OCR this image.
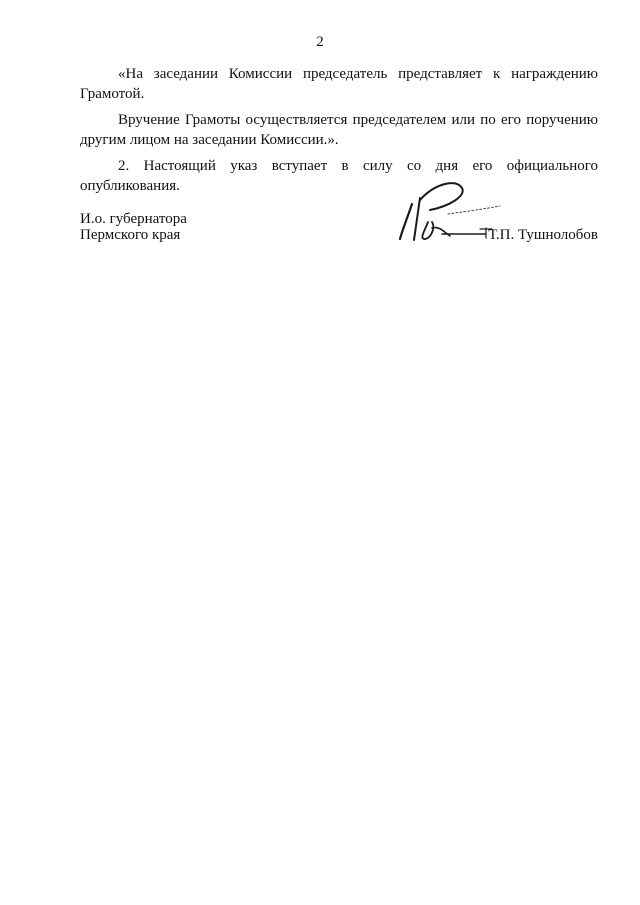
2

«На заседании Комиссии председатель представляет к награждению Грамотой.

Вручение Грамоты осуществляется председателем или по его поручению другим лицом на заседании Комиссии.».

2. Настоящий указ вступает в силу со дня его официального опубликования.

И.о. губернатора
Пермского края	Т.П. Тушнолобов
